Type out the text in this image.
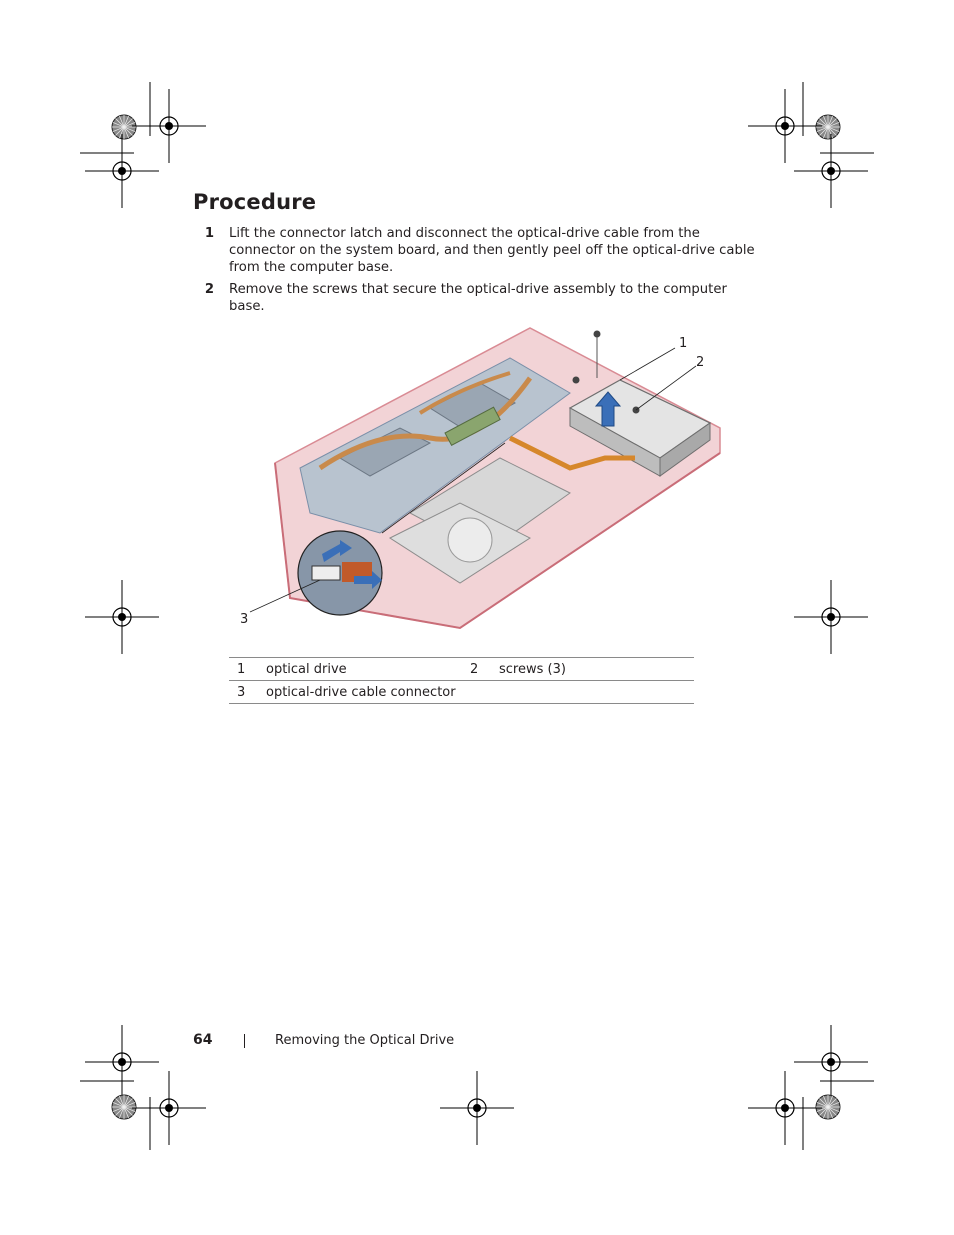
Procedure
1 Lift the connector latch and disconnect the optical-drive cable from the connector on the system board, and then gently peel off the optical-drive cable from the computer base.
2 Remove the screws that secure the optical-drive assembly to the computer base.
1
2
3
1	optical drive	2	screws (3)
3	optical-drive cable connector		
64	Removing the Optical Drive
